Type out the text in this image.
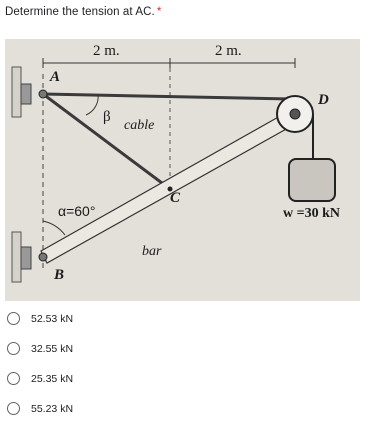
Determine the tension at AC. *
2 m.	2 m.
A
D
β
cable
C
α=60°	w =30 kN
bar
B
52.53 kN
32.55 kN
25.35 kN
55.23 kN
